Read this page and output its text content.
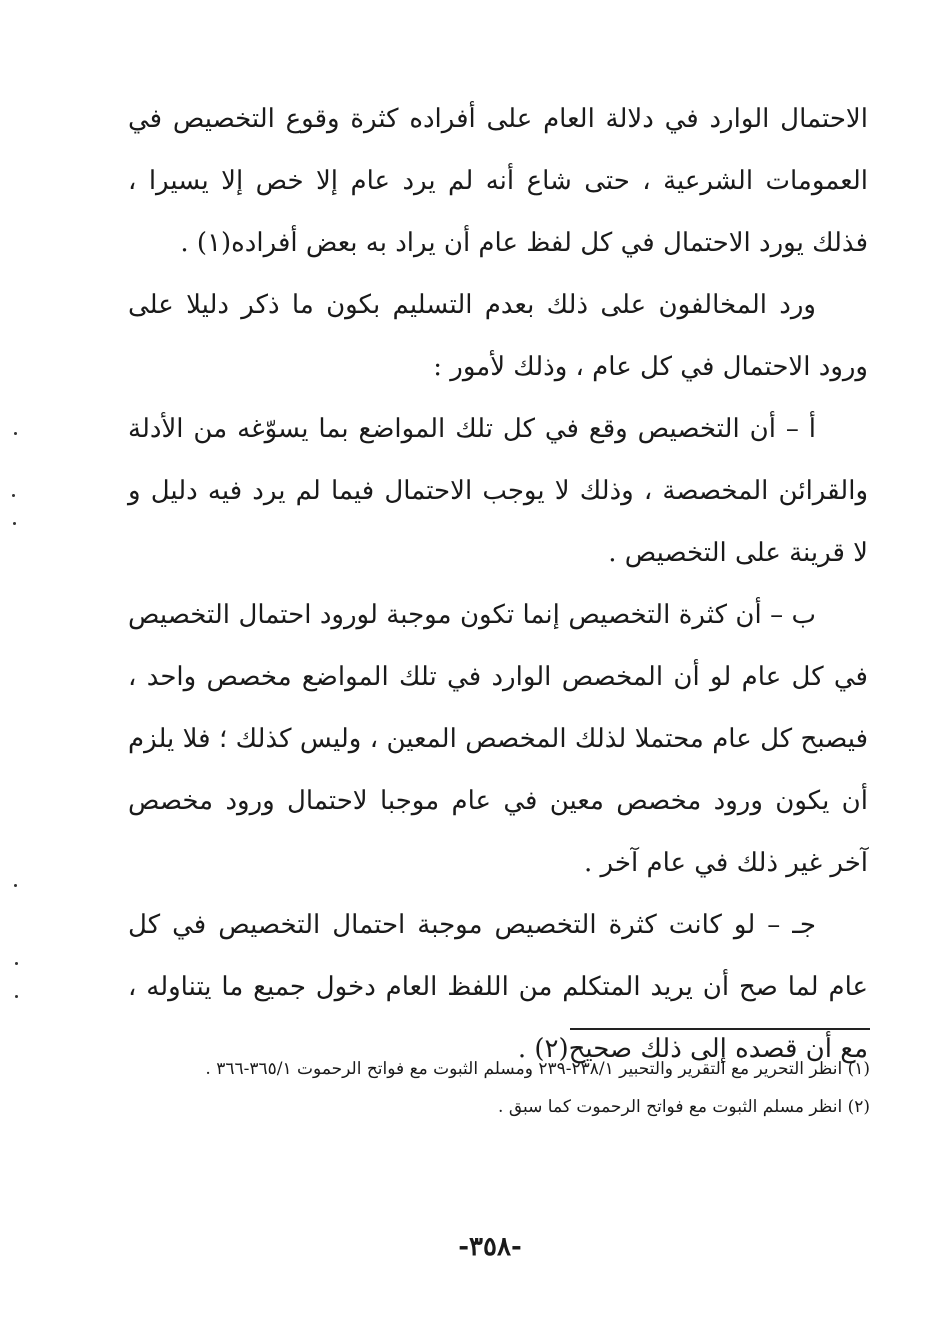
الاحتمال الوارد في دلالة العام على أفراده كثرة وقوع التخصيص في العمومات الشرعية ، حتى شاع أنه لم يرد عام إلا خص إلا يسيرا ، فذلك يورد الاحتمال في كل لفظ عام أن يراد به بعض أفراده(١) .

ورد المخالفون على ذلك بعدم التسليم بكون ما ذكر دليلا على ورود الاحتمال في كل عام ، وذلك لأمور :

أ – أن التخصيص وقع في كل تلك المواضع بما يسوّغه من الأدلة والقرائن المخصصة ، وذلك لا يوجب الاحتمال فيما لم يرد فيه دليل و لا قرينة على التخصيص .

ب – أن كثرة التخصيص إنما تكون موجبة لورود احتمال التخصيص في كل عام لو أن المخصص الوارد في تلك المواضع مخصص واحد ، فيصبح كل عام محتملا لذلك المخصص المعين ، وليس كذلك ؛ فلا يلزم أن يكون ورود مخصص معين في عام موجبا لاحتمال ورود مخصص آخر غير ذلك في عام آخر .

جـ – لو كانت كثرة التخصيص موجبة احتمال التخصيص في كل عام لما صح أن يريد المتكلم من اللفظ العام دخول جميع ما يتناوله ، مع أن قصده إلى ذلك صحيح(٢) .

(١) انظر التحرير مع التقرير والتحبير ٢٣٨/١-٢٣٩ ومسلم الثبوت مع فواتح الرحموت ٣٦٥/١-٣٦٦ .

(٢) انظر مسلم الثبوت مع فواتح الرحموت كما سبق .

-٣٥٨-
